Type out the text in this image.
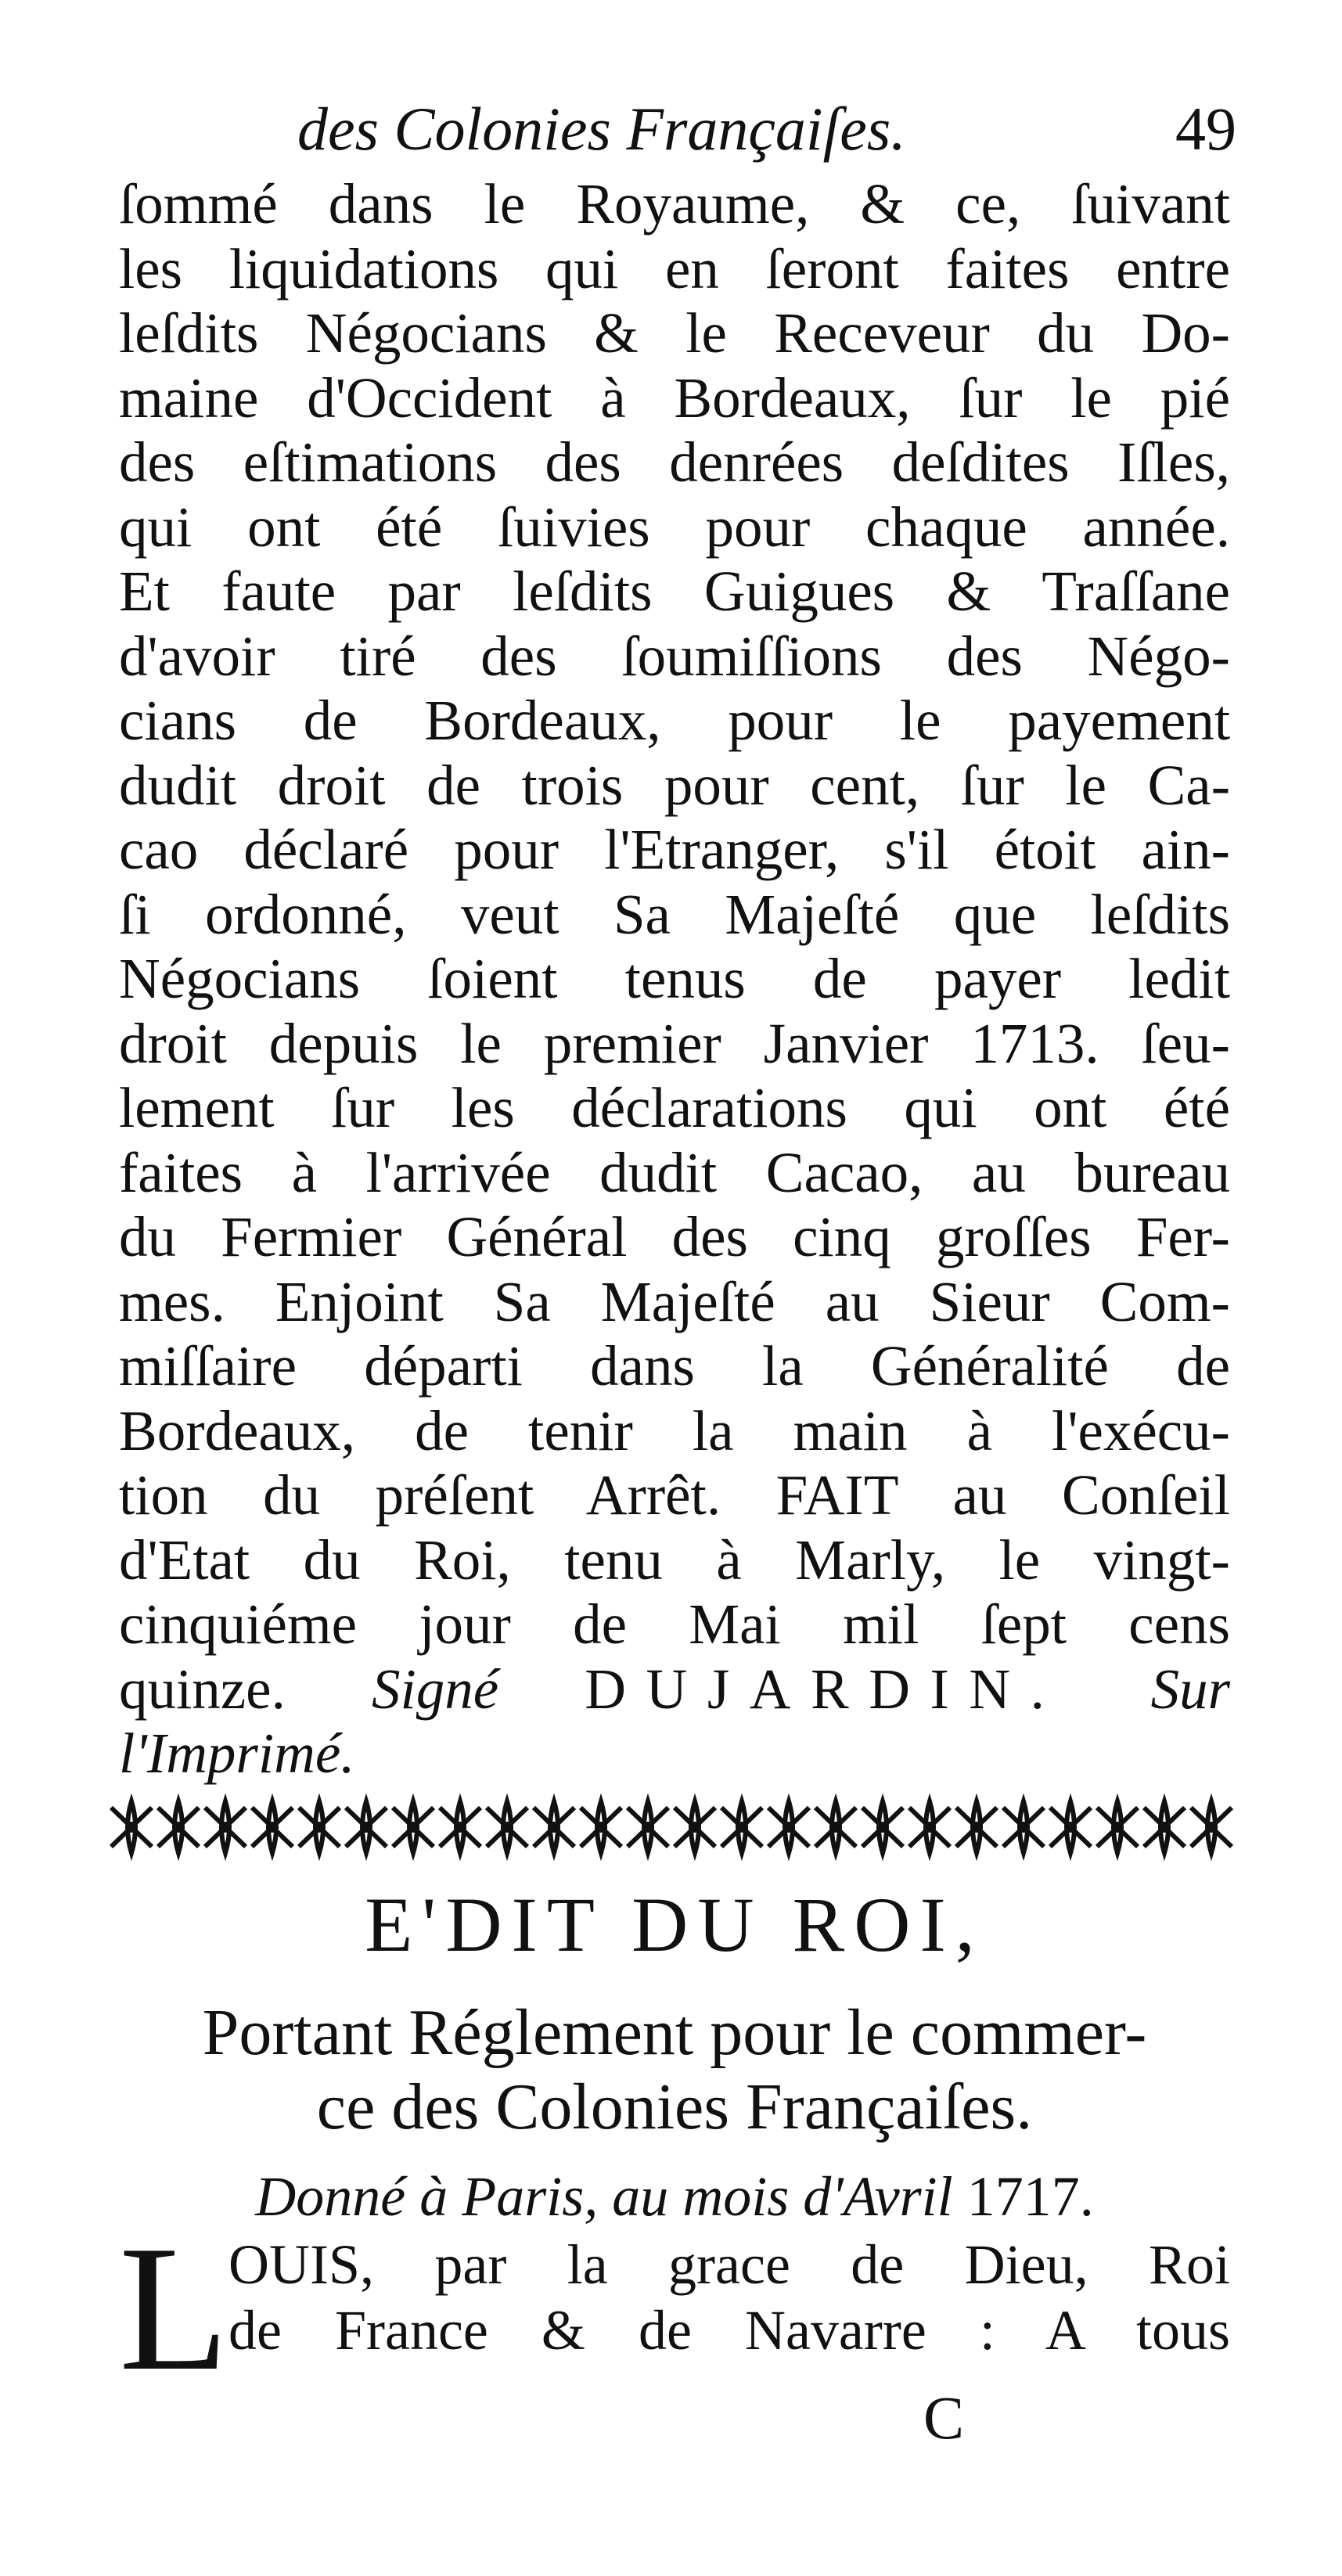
des Colonies Françaiſes.	49
ſommé dans le Royaume, & ce, ſuivant
les liquidations qui en ſeront faites entre
leſdits Négocians & le Receveur du Do-
maine d'Occident à Bordeaux, ſur le pié
des eſtimations des denrées deſdites Iſles,
qui ont été ſuivies pour chaque année.
Et faute par leſdits Guigues & Traſſane
d'avoir tiré des ſoumiſſions des Négo-
cians de Bordeaux, pour le payement
dudit droit de trois pour cent, ſur le Ca-
cao déclaré pour l'Etranger, s'il étoit ain-
ſi ordonné, veut Sa Majeſté que leſdits
Négocians ſoient tenus de payer ledit
droit depuis le premier Janvier 1713. ſeu-
lement ſur les déclarations qui ont été
faites à l'arrivée dudit Cacao, au bureau
du Fermier Général des cinq groſſes Fer-
mes. Enjoint Sa Majeſté au Sieur Com-
miſſaire départi dans la Généralité de
Bordeaux, de tenir la main à l'exécu-
tion du préſent Arrêt. FAIT au Conſeil
d'Etat du Roi, tenu à Marly, le vingt-
cinquiéme jour de Mai mil ſept cens
quinze. Signé DUJARDIN. Sur
l'Imprimé.
E'DIT DU ROI,
Portant Réglement pour le commer-
ce des Colonies Françaiſes.
Donné à Paris, au mois d'Avril 1717.
L OUIS, par la grace de Dieu, Roi
de France & de Navarre : A tous
C
